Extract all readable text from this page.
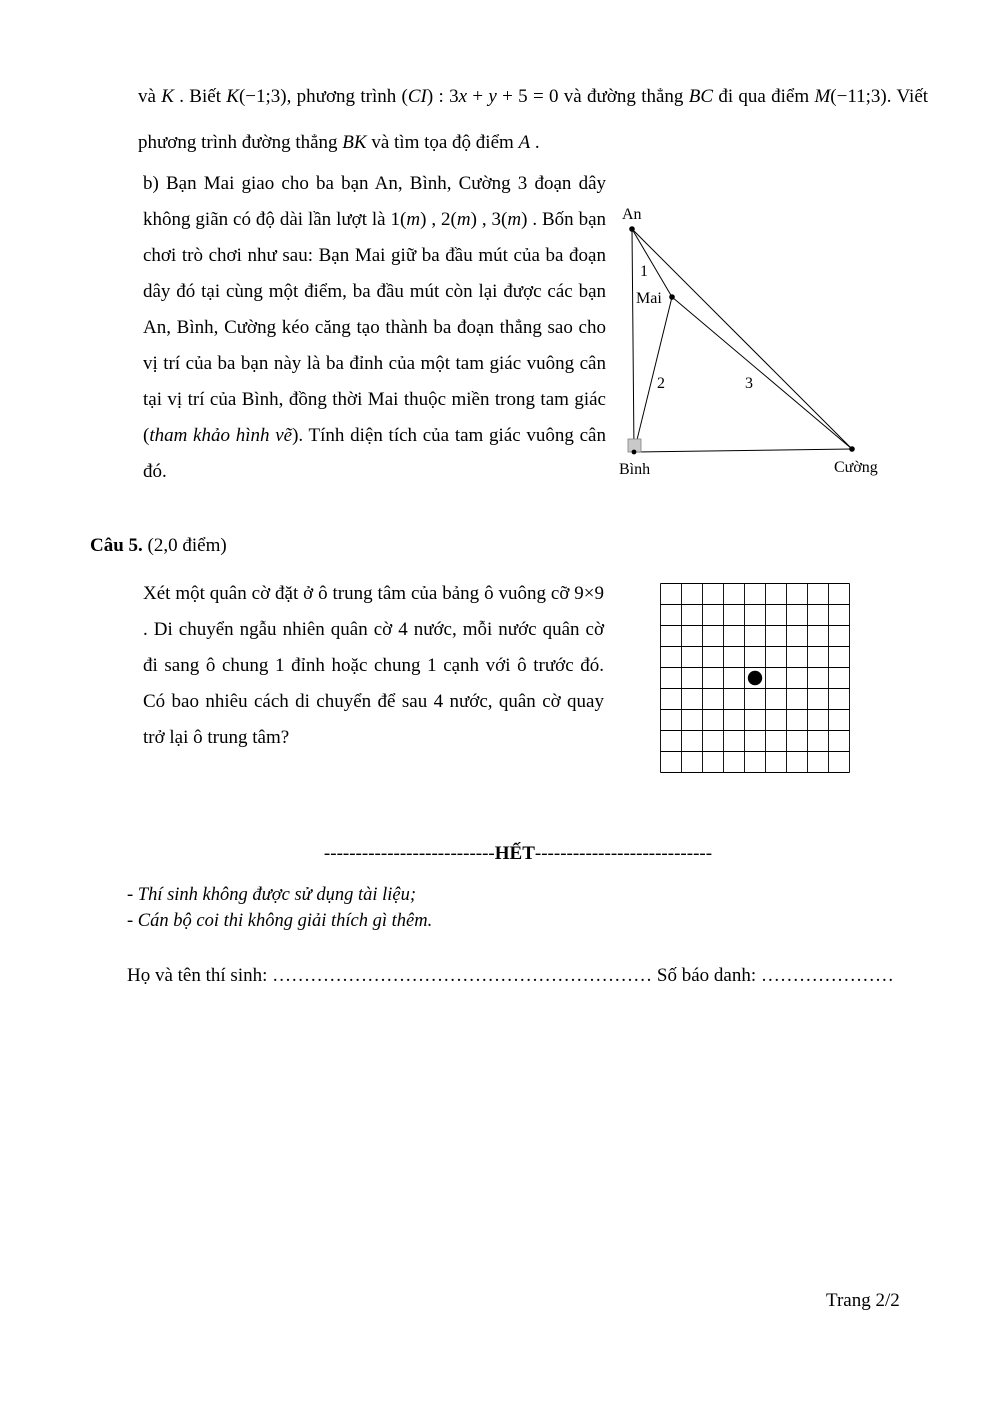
và K . Biết K(−1;3), phương trình (CI) : 3x + y + 5 = 0 và đường thẳng BC đi qua điểm M(−11;3). Viết phương trình đường thẳng BK và tìm tọa độ điểm A .

b) Bạn Mai giao cho ba bạn An, Bình, Cường 3 đoạn dây không giãn có độ dài lần lượt là 1(m) , 2(m) , 3(m) . Bốn bạn chơi trò chơi như sau: Bạn Mai giữ ba đầu mút của ba đoạn dây đó tại cùng một điểm, ba đầu mút còn lại được các bạn An, Bình, Cường kéo căng tạo thành ba đoạn thẳng sao cho vị trí của ba bạn này là ba đỉnh của một tam giác vuông cân tại vị trí của Bình, đồng thời Mai thuộc miền trong tam giác (tham khảo hình vẽ). Tính diện tích của tam giác vuông cân đó.

An
1
Mai
2	3
Bình	Cường

Câu 5. (2,0 điểm)

Xét một quân cờ đặt ở ô trung tâm của bảng ô vuông cỡ 9×9 . Di chuyển ngẫu nhiên quân cờ 4 nước, mỗi nước quân cờ đi sang ô chung 1 đỉnh hoặc chung 1 cạnh với ô trước đó. Có bao nhiêu cách di chuyển để sau 4 nước, quân cờ quay trở lại ô trung tâm?

---------------------------HẾT----------------------------

- Thí sinh không được sử dụng tài liệu;
- Cán bộ coi thi không giải thích gì thêm.

Họ và tên thí sinh: …………………………………………………… Số báo danh: …………………

Trang 2/2
